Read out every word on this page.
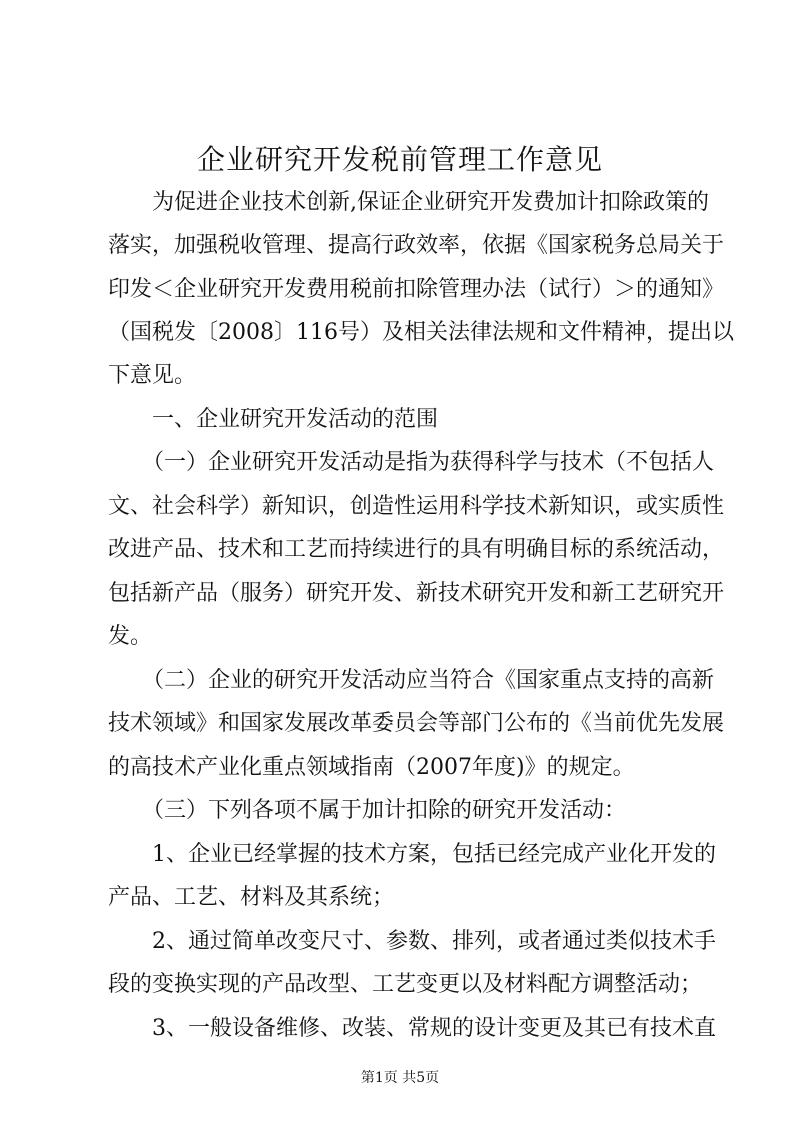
企业研究开发税前管理工作意见
为促进企业技术创新,保证企业研究开发费加计扣除政策的
落实，加强税收管理、提高行政效率，依据《国家税务总局关于
印发＜企业研究开发费用税前扣除管理办法（试行）＞的通知》
（国税发〔2008〕116号）及相关法律法规和文件精神，提出以
下意见。
一、企业研究开发活动的范围
（一）企业研究开发活动是指为获得科学与技术（不包括人
文、社会科学）新知识，创造性运用科学技术新知识，或实质性
改进产品、技术和工艺而持续进行的具有明确目标的系统活动，
包括新产品（服务）研究开发、新技术研究开发和新工艺研究开
发。
（二）企业的研究开发活动应当符合《国家重点支持的高新
技术领域》和国家发展改革委员会等部门公布的《当前优先发展
的高技术产业化重点领域指南（2007年度)》的规定。
（三）下列各项不属于加计扣除的研究开发活动：
1、企业已经掌握的技术方案，包括已经完成产业化开发的
产品、工艺、材料及其系统；
2、通过简单改变尺寸、参数、排列，或者通过类似技术手
段的变换实现的产品改型、工艺变更以及材料配方调整活动；
3、一般设备维修、改装、常规的设计变更及其已有技术直
第1页 共5页
